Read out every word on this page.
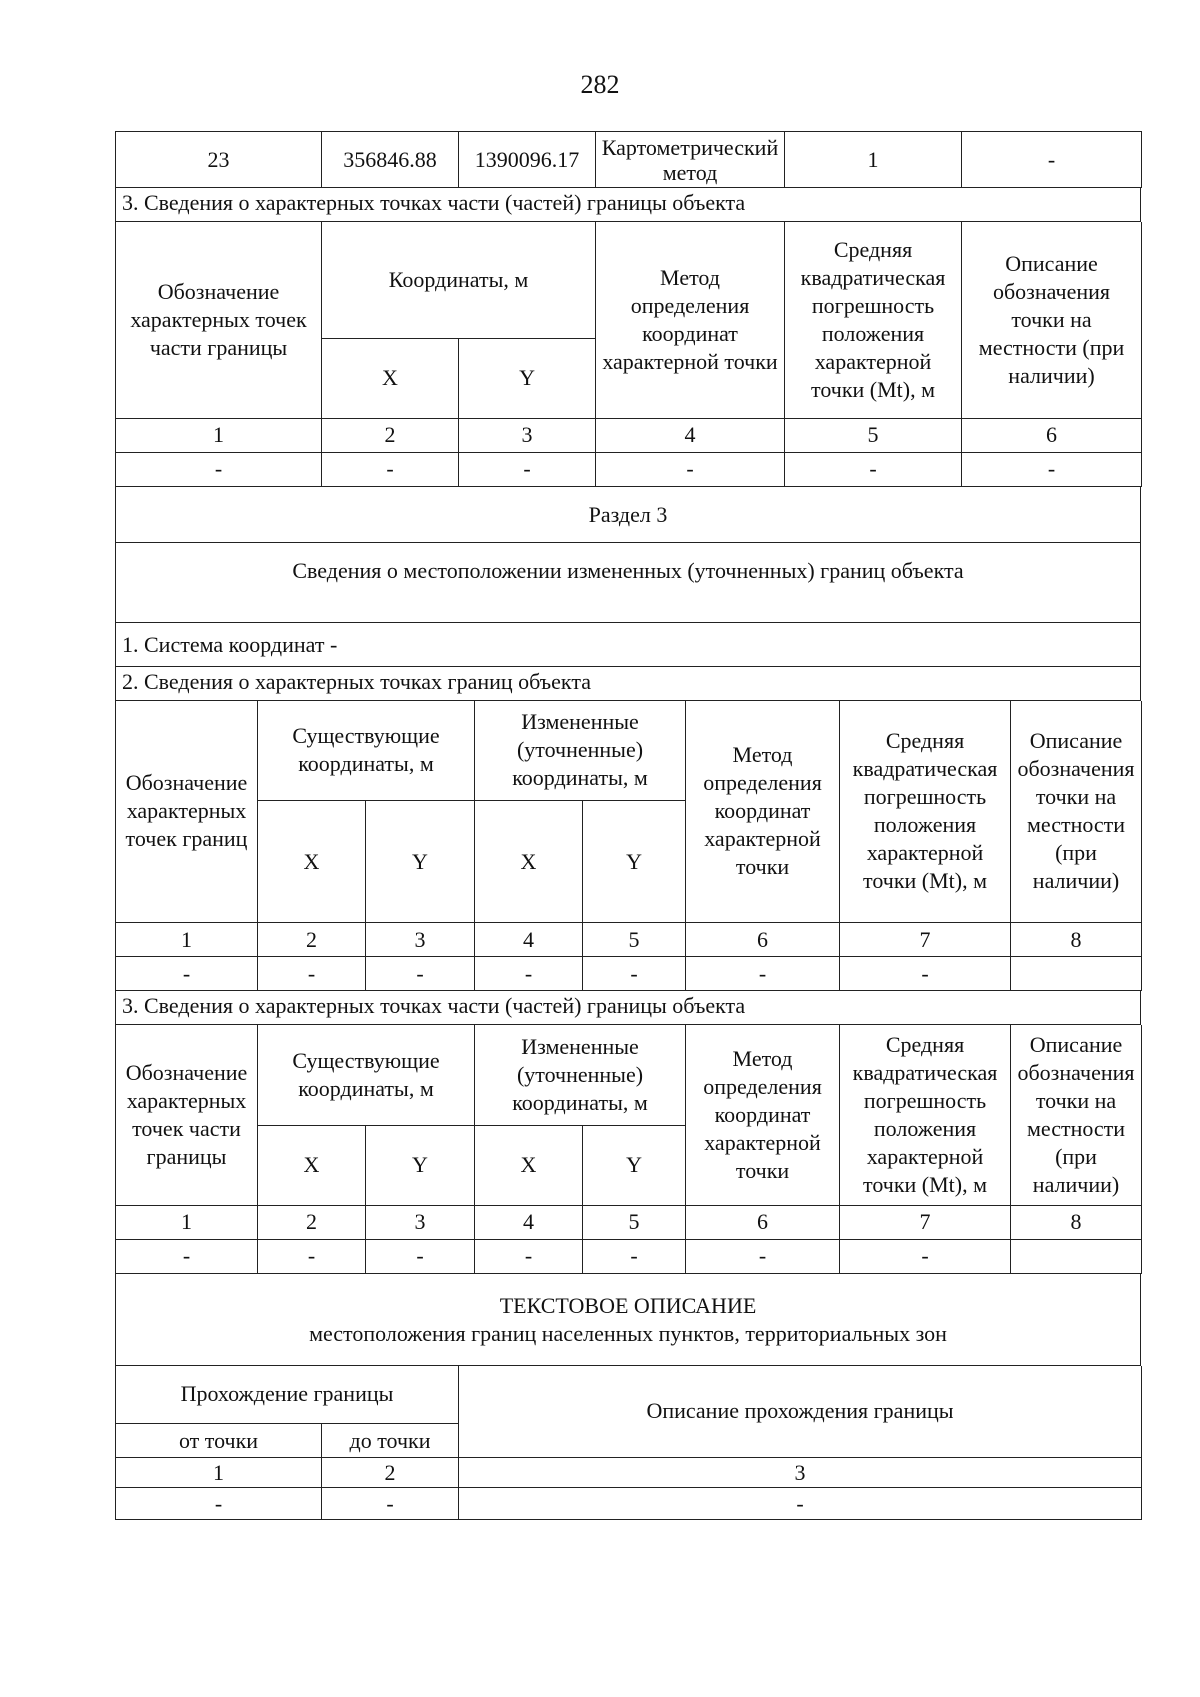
282
23	356846.88	1390096.17	Картометрический метод	1	-
3. Сведения о характерных точках части (частей) границы объекта
Обозначение характерных точек части границы	Координаты, м		Метод определения координат характерной точки	Средняя квадратическая погрешность положения характерной точки (Mt), м	Описание обозначения точки на местности (при наличии)
	X	Y			
1	2	3	4	5	6
-	-	-	-	-	-
Раздел 3
Сведения о местоположении измененных (уточненных) границ объекта
1. Система координат -
2. Сведения о характерных точках границ объекта
Обозначение характерных точек границ	Существующие координаты, м		Измененные (уточненные) координаты, м		Метод определения координат характерной точки	Средняя квадратическая погрешность положения характерной точки (Mt), м	Описание обозначения точки на местности (при наличии)
	X	Y	X	Y			
1	2	3	4	5	6	7	8
-	-	-	-	-	-	-	
3. Сведения о характерных точках части (частей) границы объекта
Обозначение характерных точек части границы	Существующие координаты, м		Измененные (уточненные) координаты, м		Метод определения координат характерной точки	Средняя квадратическая погрешность положения характерной точки (Mt), м	Описание обозначения точки на местности (при наличии)
	X	Y	X	Y			
1	2	3	4	5	6	7	8
-	-	-	-	-	-	-	
ТЕКСТОВОЕ ОПИСАНИЕ
местоположения границ населенных пунктов, территориальных зон
Прохождение границы		Описание прохождения границы
от точки	до точки	
1	2	3
-	-	-
